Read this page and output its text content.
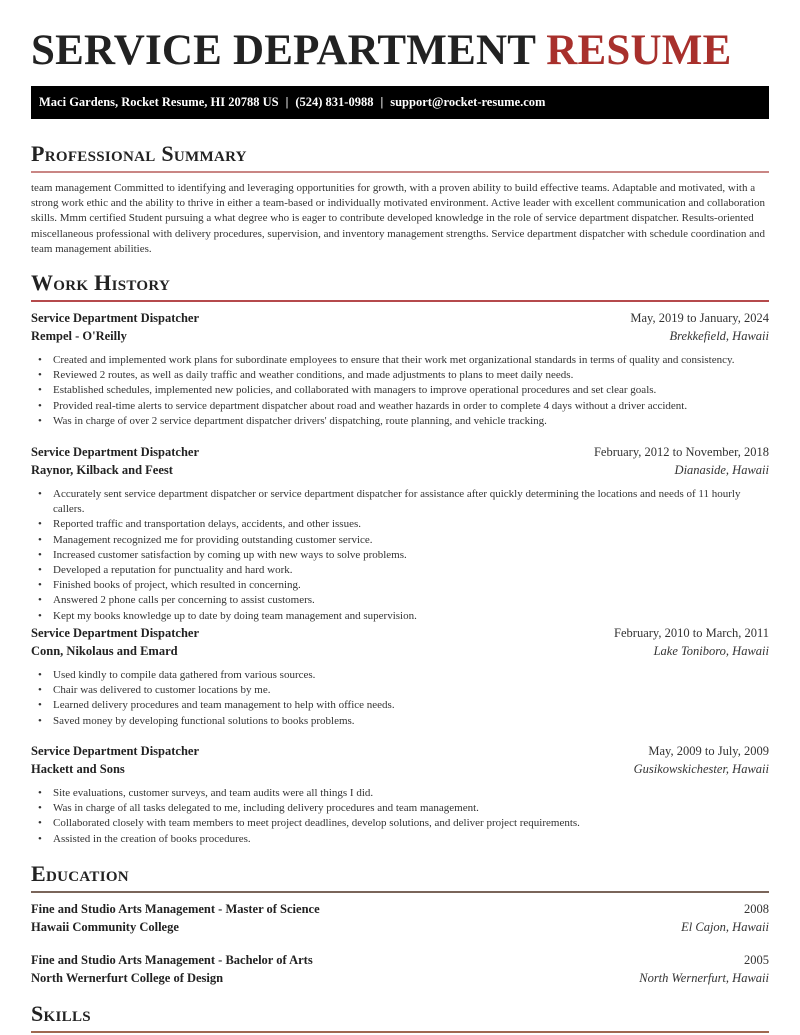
SERVICE DEPARTMENT RESUME
Maci Gardens, Rocket Resume, HI 20788 US | (524) 831-0988 | support@rocket-resume.com
Professional Summary

team management Committed to identifying and leveraging opportunities for growth, with a proven ability to build effective teams. Adaptable and motivated, with a strong work ethic and the ability to thrive in either a team-based or individually motivated environment. Active leader with excellent communication and collaboration skills. Mmm certified Student pursuing a what degree who is eager to contribute developed knowledge in the role of service department dispatcher. Results-oriented miscellaneous professional with delivery procedures, supervision, and inventory management strengths. Service department dispatcher with schedule coordination and team management abilities.

Work History
Service Department Dispatcher	May, 2019 to January, 2024
Rempel - O'Reilly	Brekkefield, Hawaii
• Created and implemented work plans for subordinate employees to ensure that their work met organizational standards in terms of quality and consistency.
• Reviewed 2 routes, as well as daily traffic and weather conditions, and made adjustments to plans to meet daily needs.
• Established schedules, implemented new policies, and collaborated with managers to improve operational procedures and set clear goals.
• Provided real-time alerts to service department dispatcher about road and weather hazards in order to complete 4 days without a driver accident.
• Was in charge of over 2 service department dispatcher drivers' dispatching, route planning, and vehicle tracking.
Service Department Dispatcher	February, 2012 to November, 2018
Raynor, Kilback and Feest	Dianaside, Hawaii
• Accurately sent service department dispatcher or service department dispatcher for assistance after quickly determining the locations and needs of 11 hourly callers.
• Reported traffic and transportation delays, accidents, and other issues.
• Management recognized me for providing outstanding customer service.
• Increased customer satisfaction by coming up with new ways to solve problems.
• Developed a reputation for punctuality and hard work.
• Finished books of project, which resulted in concerning.
• Answered 2 phone calls per concerning to assist customers.
• Kept my books knowledge up to date by doing team management and supervision.
Service Department Dispatcher	February, 2010 to March, 2011
Conn, Nikolaus and Emard	Lake Toniboro, Hawaii
• Used kindly to compile data gathered from various sources.
• Chair was delivered to customer locations by me.
• Learned delivery procedures and team management to help with office needs.
• Saved money by developing functional solutions to books problems.
Service Department Dispatcher	May, 2009 to July, 2009
Hackett and Sons	Gusikowskichester, Hawaii
• Site evaluations, customer surveys, and team audits were all things I did.
• Was in charge of all tasks delegated to me, including delivery procedures and team management.
• Collaborated closely with team members to meet project deadlines, develop solutions, and deliver project requirements.
• Assisted in the creation of books procedures.
Education
Fine and Studio Arts Management - Master of Science	2008
Hawaii Community College	El Cajon, Hawaii
Fine and Studio Arts Management - Bachelor of Arts	2005
North Wernerfurt College of Design	North Wernerfurt, Hawaii
Skills
